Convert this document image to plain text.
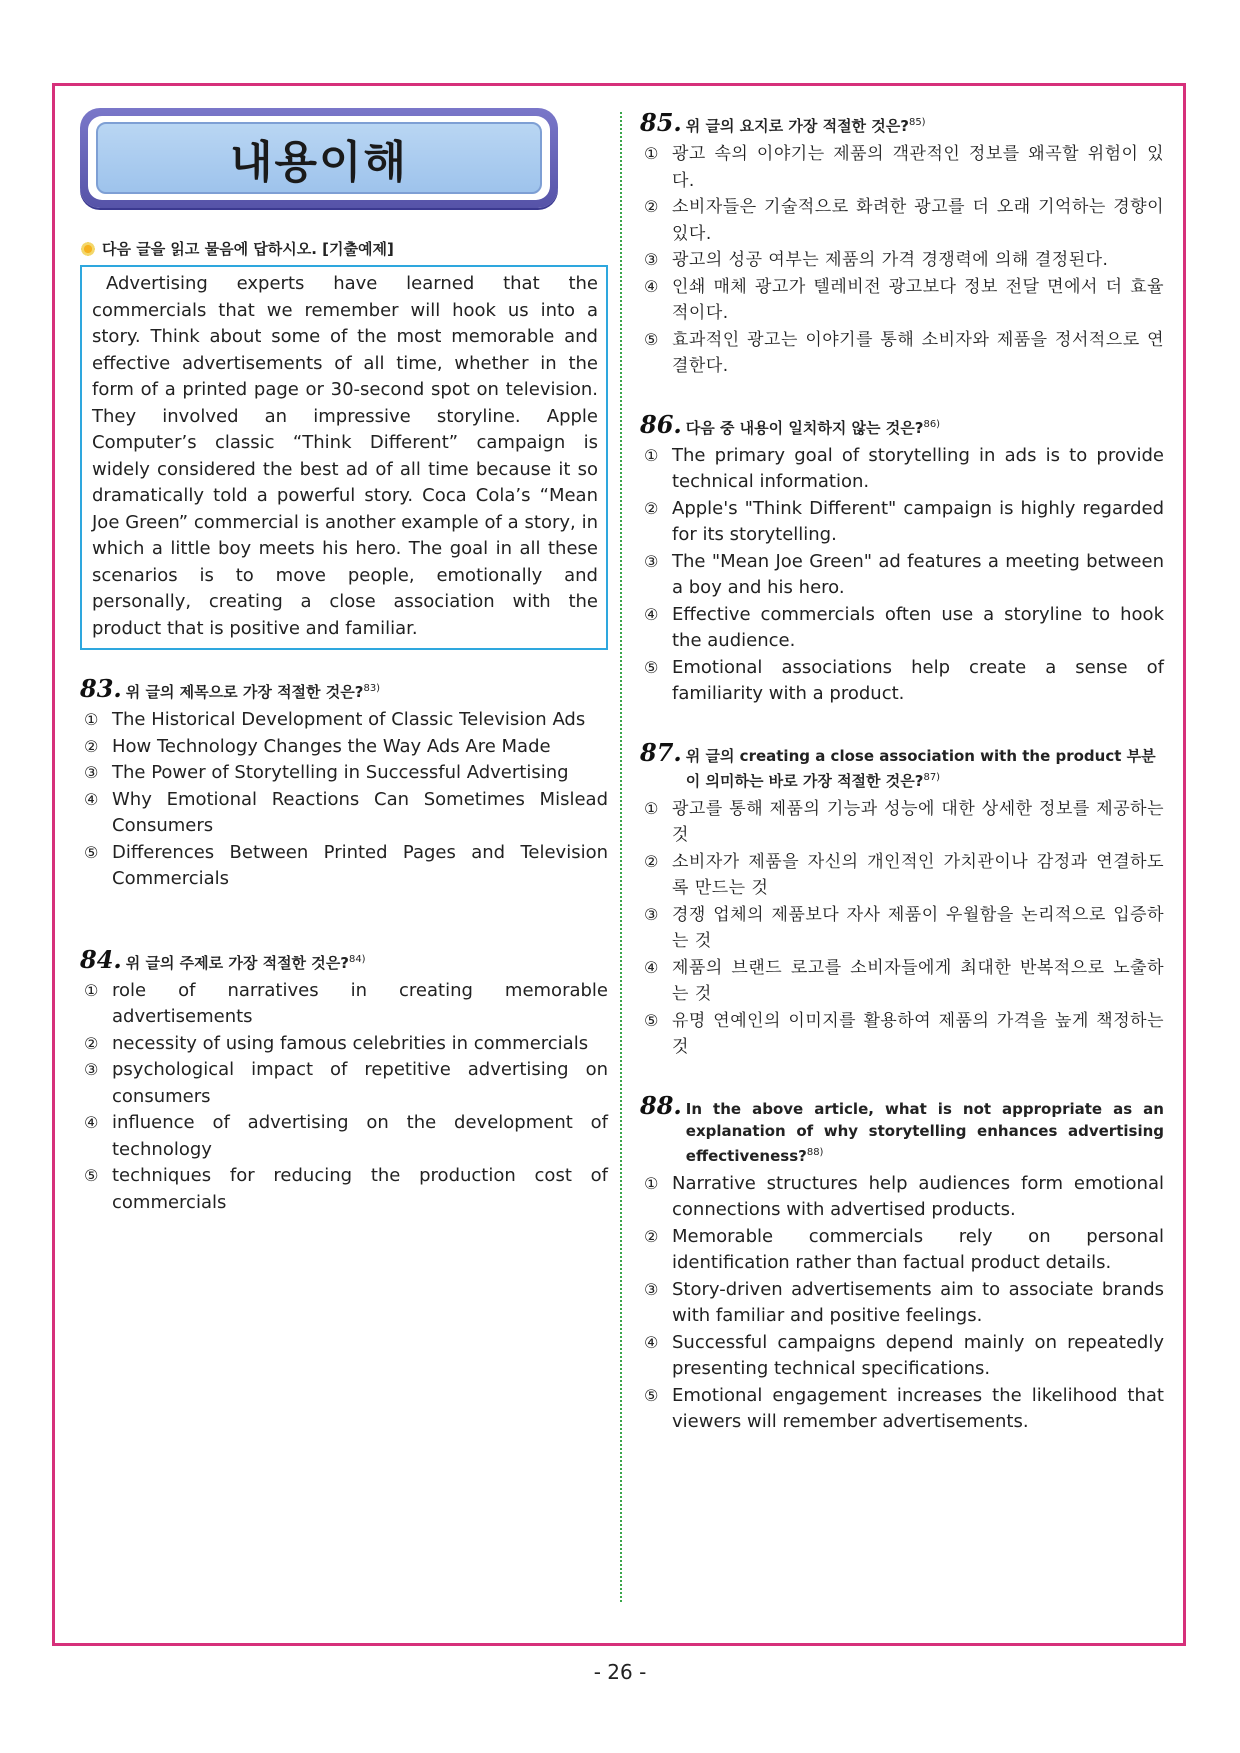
내용이해
다음 글을 읽고 물음에 답하시오. [기출예제]
Advertising experts have learned that the commercials that we remember will hook us into a story. Think about some of the most memorable and effective advertisements of all time, whether in the form of a printed page or 30-second spot on television. They involved an impressive storyline. Apple Computer’s classic “Think Different” campaign is widely considered the best ad of all time because it so dramatically told a powerful story. Coca Cola’s “Mean Joe Green” commercial is another example of a story, in which a little boy meets his hero. The goal in all these scenarios is to move people, emotionally and personally, creating a close association with the product that is positive and familiar.
83 . 위 글의 제목으로 가장 적절한 것은?$^{83)}$
① The Historical Development of Classic Television Ads
② How Technology Changes the Way Ads Are Made
③ The Power of Storytelling in Successful Advertising
④ Why Emotional Reactions Can Sometimes Mislead Consumers
⑤ Differences Between Printed Pages and Television Commercials
84 . 위 글의 주제로 가장 적절한 것은?$^{84)}$
① role of narratives in creating memorable advertisements
② necessity of using famous celebrities in commercials
③ psychological impact of repetitive advertising on consumers
④ influence of advertising on the development of technology
⑤ techniques for reducing the production cost of commercials
85 . 위 글의 요지로 가장 적절한 것은?$^{85)}$
① 광고 속의 이야기는 제품의 객관적인 정보를 왜곡할 위험이 있다.
② 소비자들은 기술적으로 화려한 광고를 더 오래 기억하는 경향이 있다.
③ 광고의 성공 여부는 제품의 가격 경쟁력에 의해 결정된다.
④ 인쇄 매체 광고가 텔레비전 광고보다 정보 전달 면에서 더 효율적이다.
⑤ 효과적인 광고는 이야기를 통해 소비자와 제품을 정서적으로 연결한다.
86 . 다음 중 내용이 일치하지 않는 것은?$^{86)}$
① The primary goal of storytelling in ads is to provide technical information.
② Apple's "Think Different" campaign is highly regarded for its storytelling.
③ The "Mean Joe Green" ad features a meeting between a boy and his hero.
④ Effective commercials often use a storyline to hook the audience.
⑤ Emotional associations help create a sense of familiarity with a product.
87 . 위 글의 creating a close association with the product 부분이 의미하는 바로 가장 적절한 것은?$^{87)}$
① 광고를 통해 제품의 기능과 성능에 대한 상세한 정보를 제공하는 것
② 소비자가 제품을 자신의 개인적인 가치관이나 감정과 연결하도록 만드는 것
③ 경쟁 업체의 제품보다 자사 제품이 우월함을 논리적으로 입증하는 것
④ 제품의 브랜드 로고를 소비자들에게 최대한 반복적으로 노출하는 것
⑤ 유명 연예인의 이미지를 활용하여 제품의 가격을 높게 책정하는 것
88 . In the above article, what is not appropriate as an explanation of why storytelling enhances advertising effectiveness?$^{88)}$
① Narrative structures help audiences form emotional connections with advertised products.
② Memorable commercials rely on personal identification rather than factual product details.
③ Story-driven advertisements aim to associate brands with familiar and positive feelings.
④ Successful campaigns depend mainly on repeatedly presenting technical specifications.
⑤ Emotional engagement increases the likelihood that viewers will remember advertisements.
- 26 -
